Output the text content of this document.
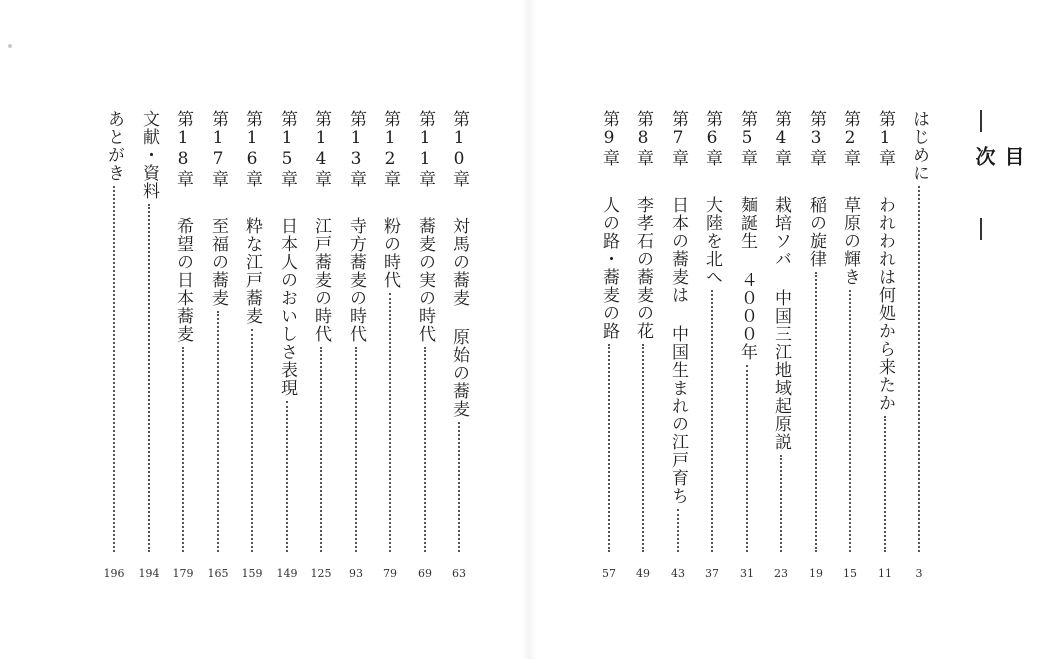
目 次
はじめに
3
第1章 われわれは何処から来たか
11
第2章 草原の輝き
15
第3章 稲の旋律
19
第4章 栽培ソバ 中国三江地域起原説
23
第5章 麺誕生 ４０００年
31
第6章 大陸を北へ
37
第7章 日本の蕎麦は 中国生まれの江戸育ち
43
第8章 李孝石の蕎麦の花
49
第9章 人の路・蕎麦の路
57
第10章 対馬の蕎麦 原始の蕎麦
63
第11章 蕎麦の実の時代
69
第12章 粉の時代
79
第13章 寺方蕎麦の時代
93
第14章 江戸蕎麦の時代
125
第15章 日本人のおいしさ表現
149
第16章 粋な江戸蕎麦
159
第17章 至福の蕎麦
165
第18章 希望の日本蕎麦
179
文献・資料
194
あとがき
196
